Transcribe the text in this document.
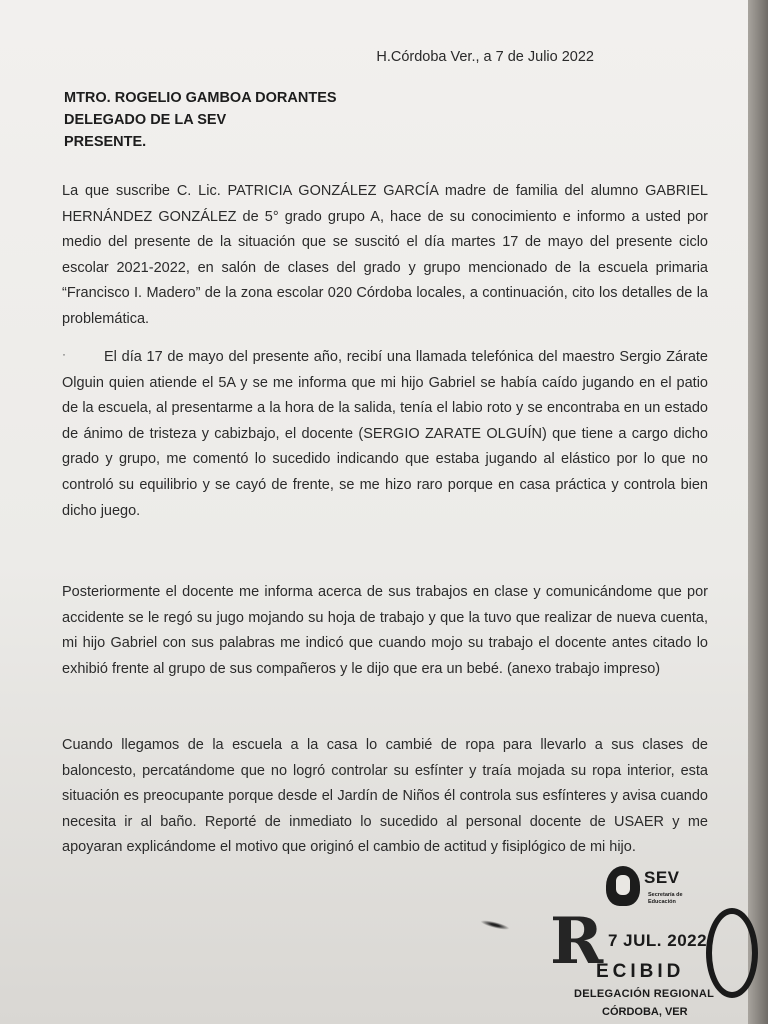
H.Córdoba Ver., a 7 de Julio 2022
MTRO. ROGELIO GAMBOA DORANTES
DELEGADO DE LA SEV
PRESENTE.

La que suscribe C. Lic. PATRICIA GONZÁLEZ GARCÍA madre de familia del alumno GABRIEL HERNÁNDEZ GONZÁLEZ de 5° grado grupo A, hace de su conocimiento e informo a usted por medio del presente de la situación que se suscitó el día martes 17 de mayo del presente ciclo escolar 2021-2022, en salón de clases del grado y grupo mencionado de la escuela primaria “Francisco I. Madero” de la zona escolar 020 Córdoba locales, a continuación, cito los detalles de la problemática.

·	El día 17 de mayo del presente año, recibí una llamada telefónica del maestro Sergio Zárate Olguin quien atiende el 5A y se me informa que mi hijo Gabriel se había caído jugando en el patio de la escuela, al presentarme a la hora de la salida, tenía el labio roto y se encontraba en un estado de ánimo de tristeza y cabizbajo, el docente (SERGIO ZARATE OLGUÍN) que tiene a cargo dicho grado y grupo, me comentó lo sucedido indicando que estaba jugando al elástico por lo que no controló su equilibrio y se cayó de frente, se me hizo raro porque en casa práctica y controla bien dicho juego.

Posteriormente el docente me informa acerca de sus trabajos en clase y comunicándome que por accidente se le regó su jugo mojando su hoja de trabajo y que la tuvo que realizar de nueva cuenta, mi hijo Gabriel con sus palabras me indicó que cuando mojo su trabajo el docente antes citado lo exhibió frente al grupo de sus compañeros y le dijo que era un bebé. (anexo trabajo impreso)

Cuando llegamos de la escuela a la casa lo cambié de ropa para llevarlo a sus clases de baloncesto, percatándome que no logró controlar su esfínter y traía mojada su ropa interior, esta situación es preocupante porque desde el Jardín de Niños él controla sus esfínteres y avisa cuando necesita ir al baño. Reporté de inmediato lo sucedido al personal docente de USAER y me apoyaran explicándome el motivo que originó el cambio de actitud y fisiplógico de mi hijo.

SEV
Secretaría de Educación
R 7 JUL. 2022
ECIBID
DELEGACIÓN REGIONAL
CÓRDOBA, VER
